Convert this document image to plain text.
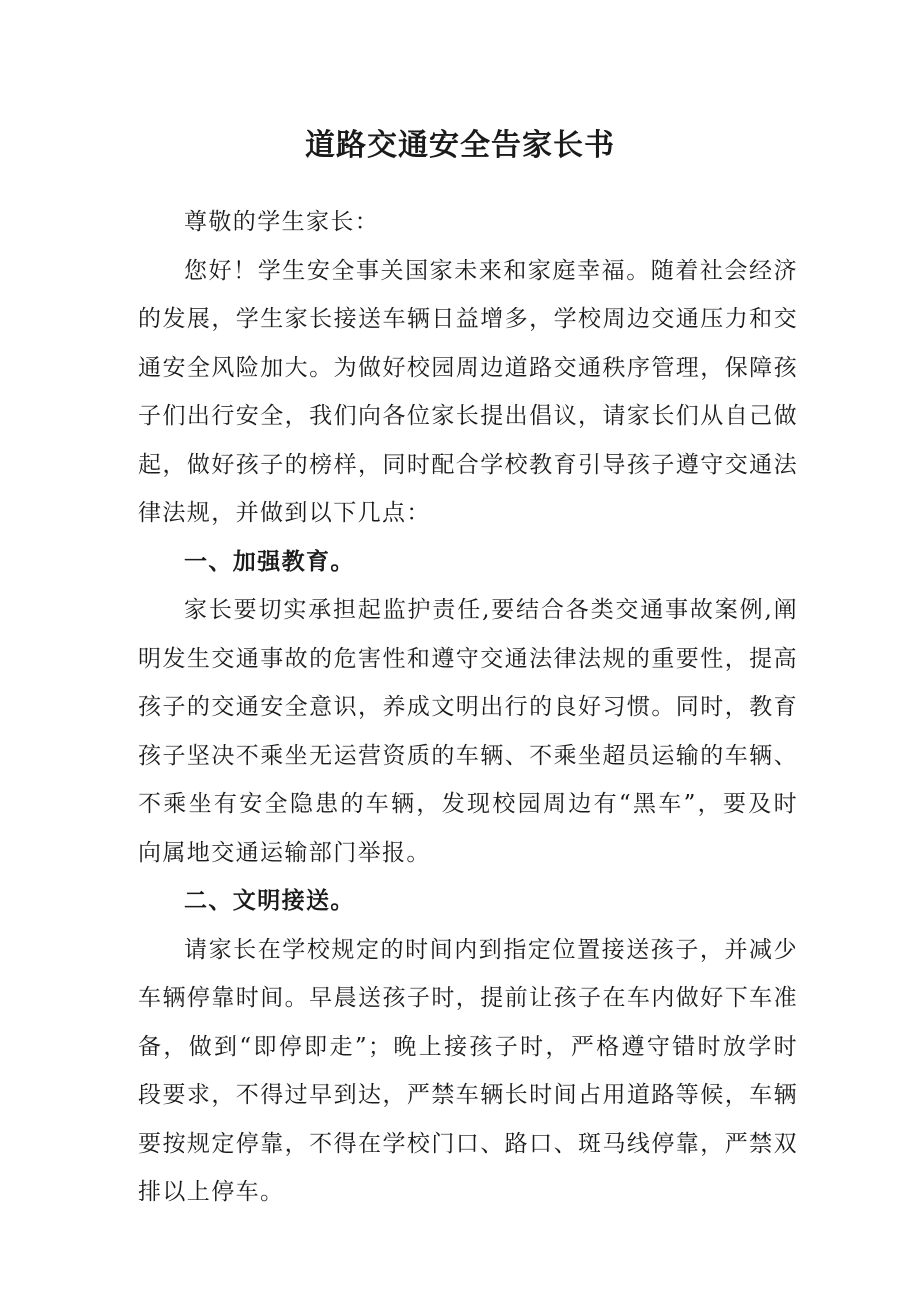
道路交通安全告家长书

尊敬的学生家长：

您好！学生安全事关国家未来和家庭幸福。随着社会经济的发展，学生家长接送车辆日益增多，学校周边交通压力和交通安全风险加大。为做好校园周边道路交通秩序管理，保障孩子们出行安全，我们向各位家长提出倡议，请家长们从自己做起，做好孩子的榜样，同时配合学校教育引导孩子遵守交通法律法规，并做到以下几点：

一、加强教育。

家长要切实承担起监护责任,要结合各类交通事故案例,阐明发生交通事故的危害性和遵守交通法律法规的重要性，提高孩子的交通安全意识，养成文明出行的良好习惯。同时，教育孩子坚决不乘坐无运营资质的车辆、不乘坐超员运输的车辆、不乘坐有安全隐患的车辆，发现校园周边有“黑车”，要及时向属地交通运输部门举报。

二、文明接送。

请家长在学校规定的时间内到指定位置接送孩子，并减少车辆停靠时间。早晨送孩子时，提前让孩子在车内做好下车准备，做到“即停即走”；晚上接孩子时，严格遵守错时放学时段要求，不得过早到达，严禁车辆长时间占用道路等候，车辆要按规定停靠，不得在学校门口、路口、斑马线停靠，严禁双排以上停车。
